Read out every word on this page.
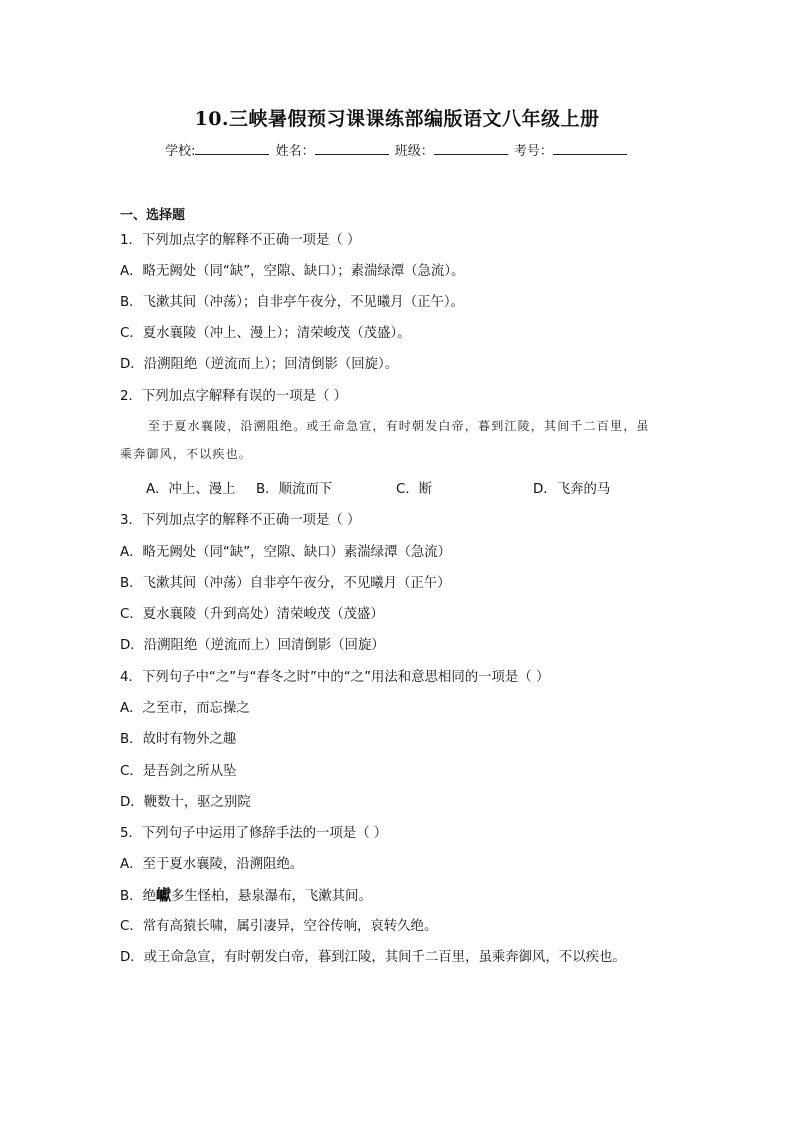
10.三峡暑假预习课课练部编版语文八年级上册
学校:	姓名：	班级：	考号：
一、选择题
1．下列加点字的解释不正确一项是（ ）
A．略无阙处（同“缺”，空隙、缺口）；素湍绿潭（急流）。
B．飞漱其间（冲荡）；自非亭午夜分，不见曦月（正午）。
C．夏水襄陵（冲上、漫上）；清荣峻茂（茂盛）。
D．沿溯阻绝（逆流而上）；回清倒影（回旋）。
2．下列加点字解释有误的一项是（ ）
至于夏水襄陵，沿溯阻绝。或王命急宣，有时朝发白帝，暮到江陵，其间千二百里，虽
乘奔御风，不以疾也。
A．冲上、漫上 B．顺流而下	C．断	D．飞奔的马
3．下列加点字的解释不正确一项是（ ）
A．略无阙处（同“缺”，空隙、缺口）素湍绿潭（急流）
B．飞漱其间（冲荡）自非亭午夜分，不见曦月（正午）
C．夏水襄陵（升到高处）清荣峻茂（茂盛）
D．沿溯阻绝（逆流而上）回清倒影（回旋）
4．下列句子中“之”与“春冬之时”中的“之”用法和意思相同的一项是（ ）
A．之至市，而忘操之
B．故时有物外之趣
C．是吾剑之所从坠
D．鞭数十，驱之别院
5．下列句子中运用了修辞手法的一项是（ ）
A．至于夏水襄陵，沿溯阻绝。
B．绝巘多生怪柏，悬泉瀑布，飞漱其间。
C．常有高猿长啸，属引凄异，空谷传响，哀转久绝。
D．或王命急宣，有时朝发白帝，暮到江陵，其间千二百里，虽乘奔御风，不以疾也。
